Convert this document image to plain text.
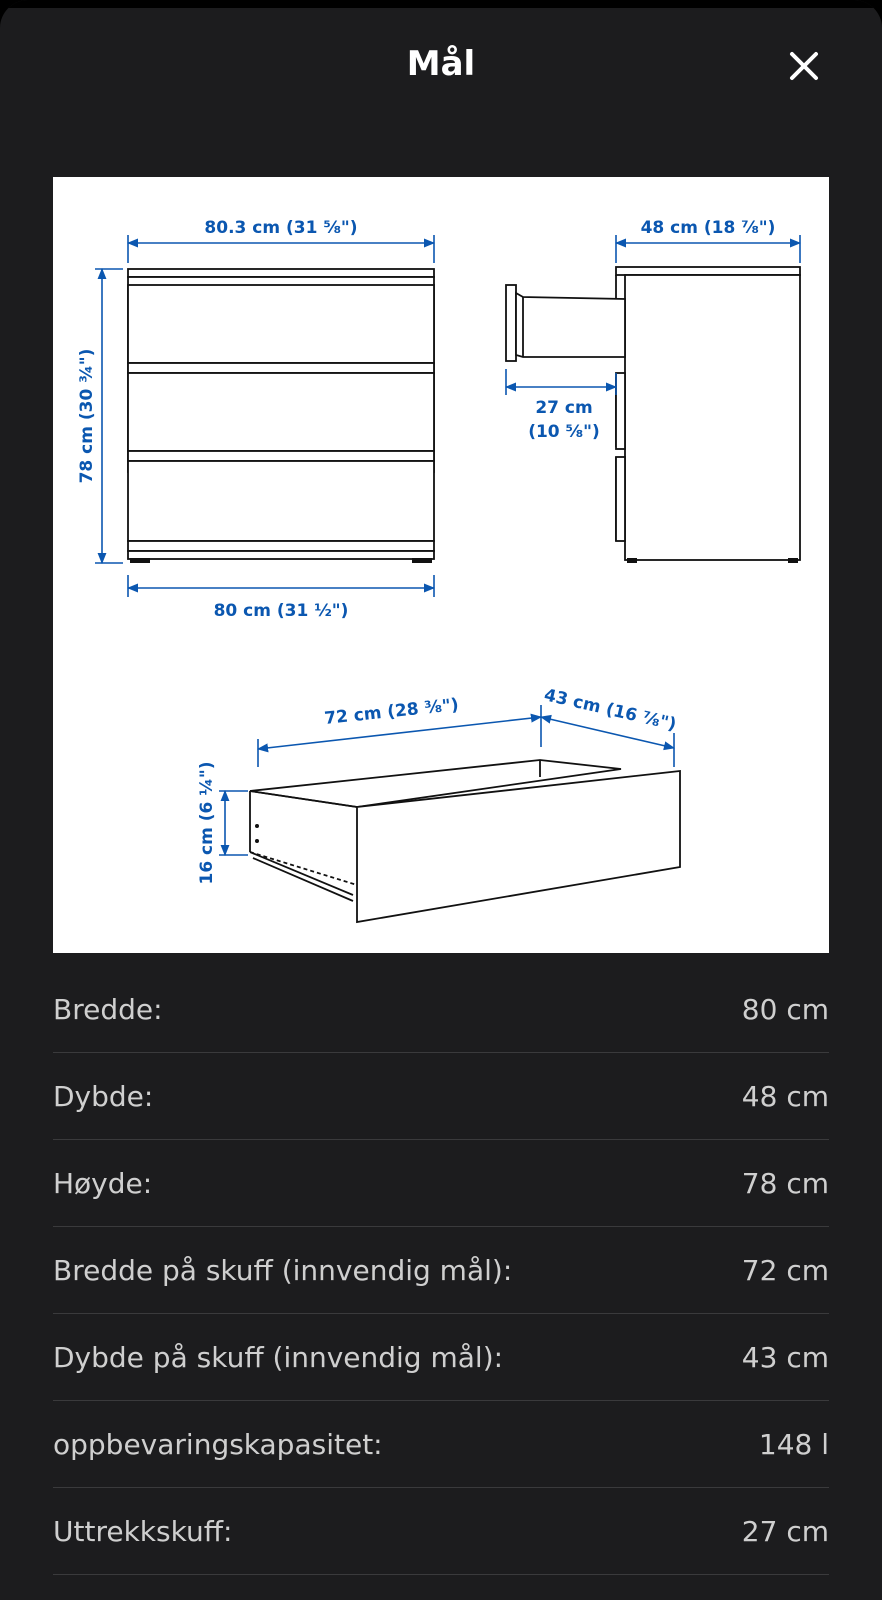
Mål
80.3 cm (31 ⅝")
78 cm (30 ¾")
80 cm (31 ½")
48 cm (18 ⅞")
27 cm
(10 ⅝")
72 cm (28 ⅜")	43 cm (16 ⅞")
16 cm (6 ¼")
Bredde:	80 cm
Dybde:	48 cm
Høyde:	78 cm
Bredde på skuff (innvendig mål):	72 cm
Dybde på skuff (innvendig mål):	43 cm
oppbevaringskapasitet:	148 l
Uttrekkskuff:	27 cm
